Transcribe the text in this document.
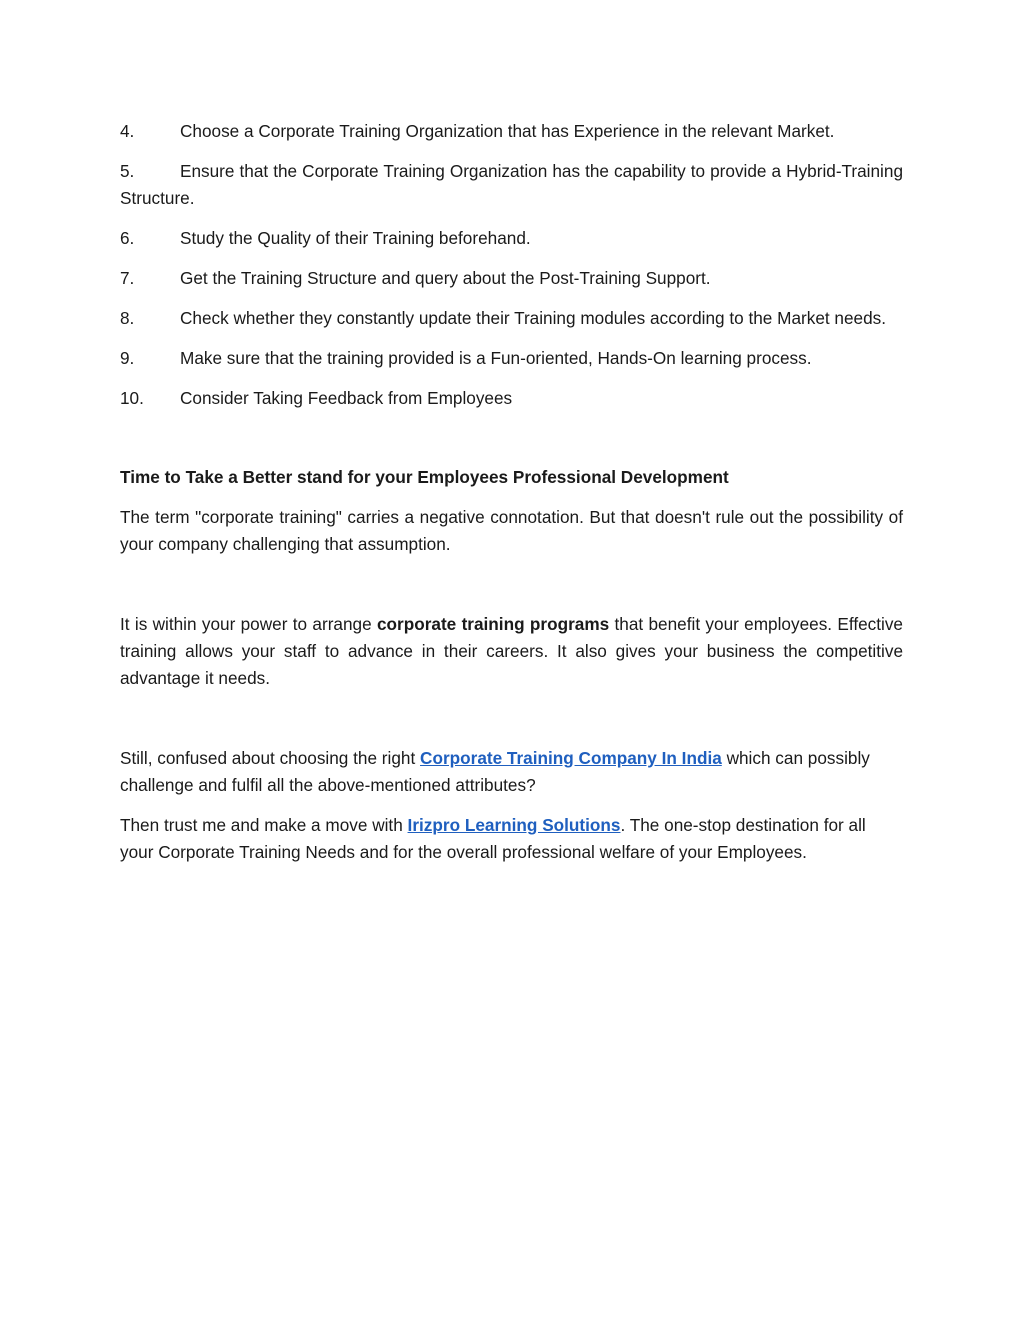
4.	Choose a Corporate Training Organization that has Experience in the relevant Market.
5.	Ensure that the Corporate Training Organization has the capability to provide a Hybrid-Training Structure.
6.	Study the Quality of their Training beforehand.
7.	Get the Training Structure and query about the Post-Training Support.
8.	Check whether they constantly update their Training modules according to the Market needs.
9.	Make sure that the training provided is a Fun-oriented, Hands-On learning process.
10. Consider Taking Feedback from Employees
Time to Take a Better stand for your Employees Professional Development

The term "corporate training" carries a negative connotation. But that doesn't rule out the possibility of your company challenging that assumption.

It is within your power to arrange corporate training programs that benefit your employees. Effective training allows your staff to advance in their careers. It also gives your business the competitive advantage it needs.

Still, confused about choosing the right Corporate Training Company In India which can possibly challenge and fulfil all the above-mentioned attributes?

Then trust me and make a move with Irizpro Learning Solutions. The one-stop destination for all your Corporate Training Needs and for the overall professional welfare of your Employees.
